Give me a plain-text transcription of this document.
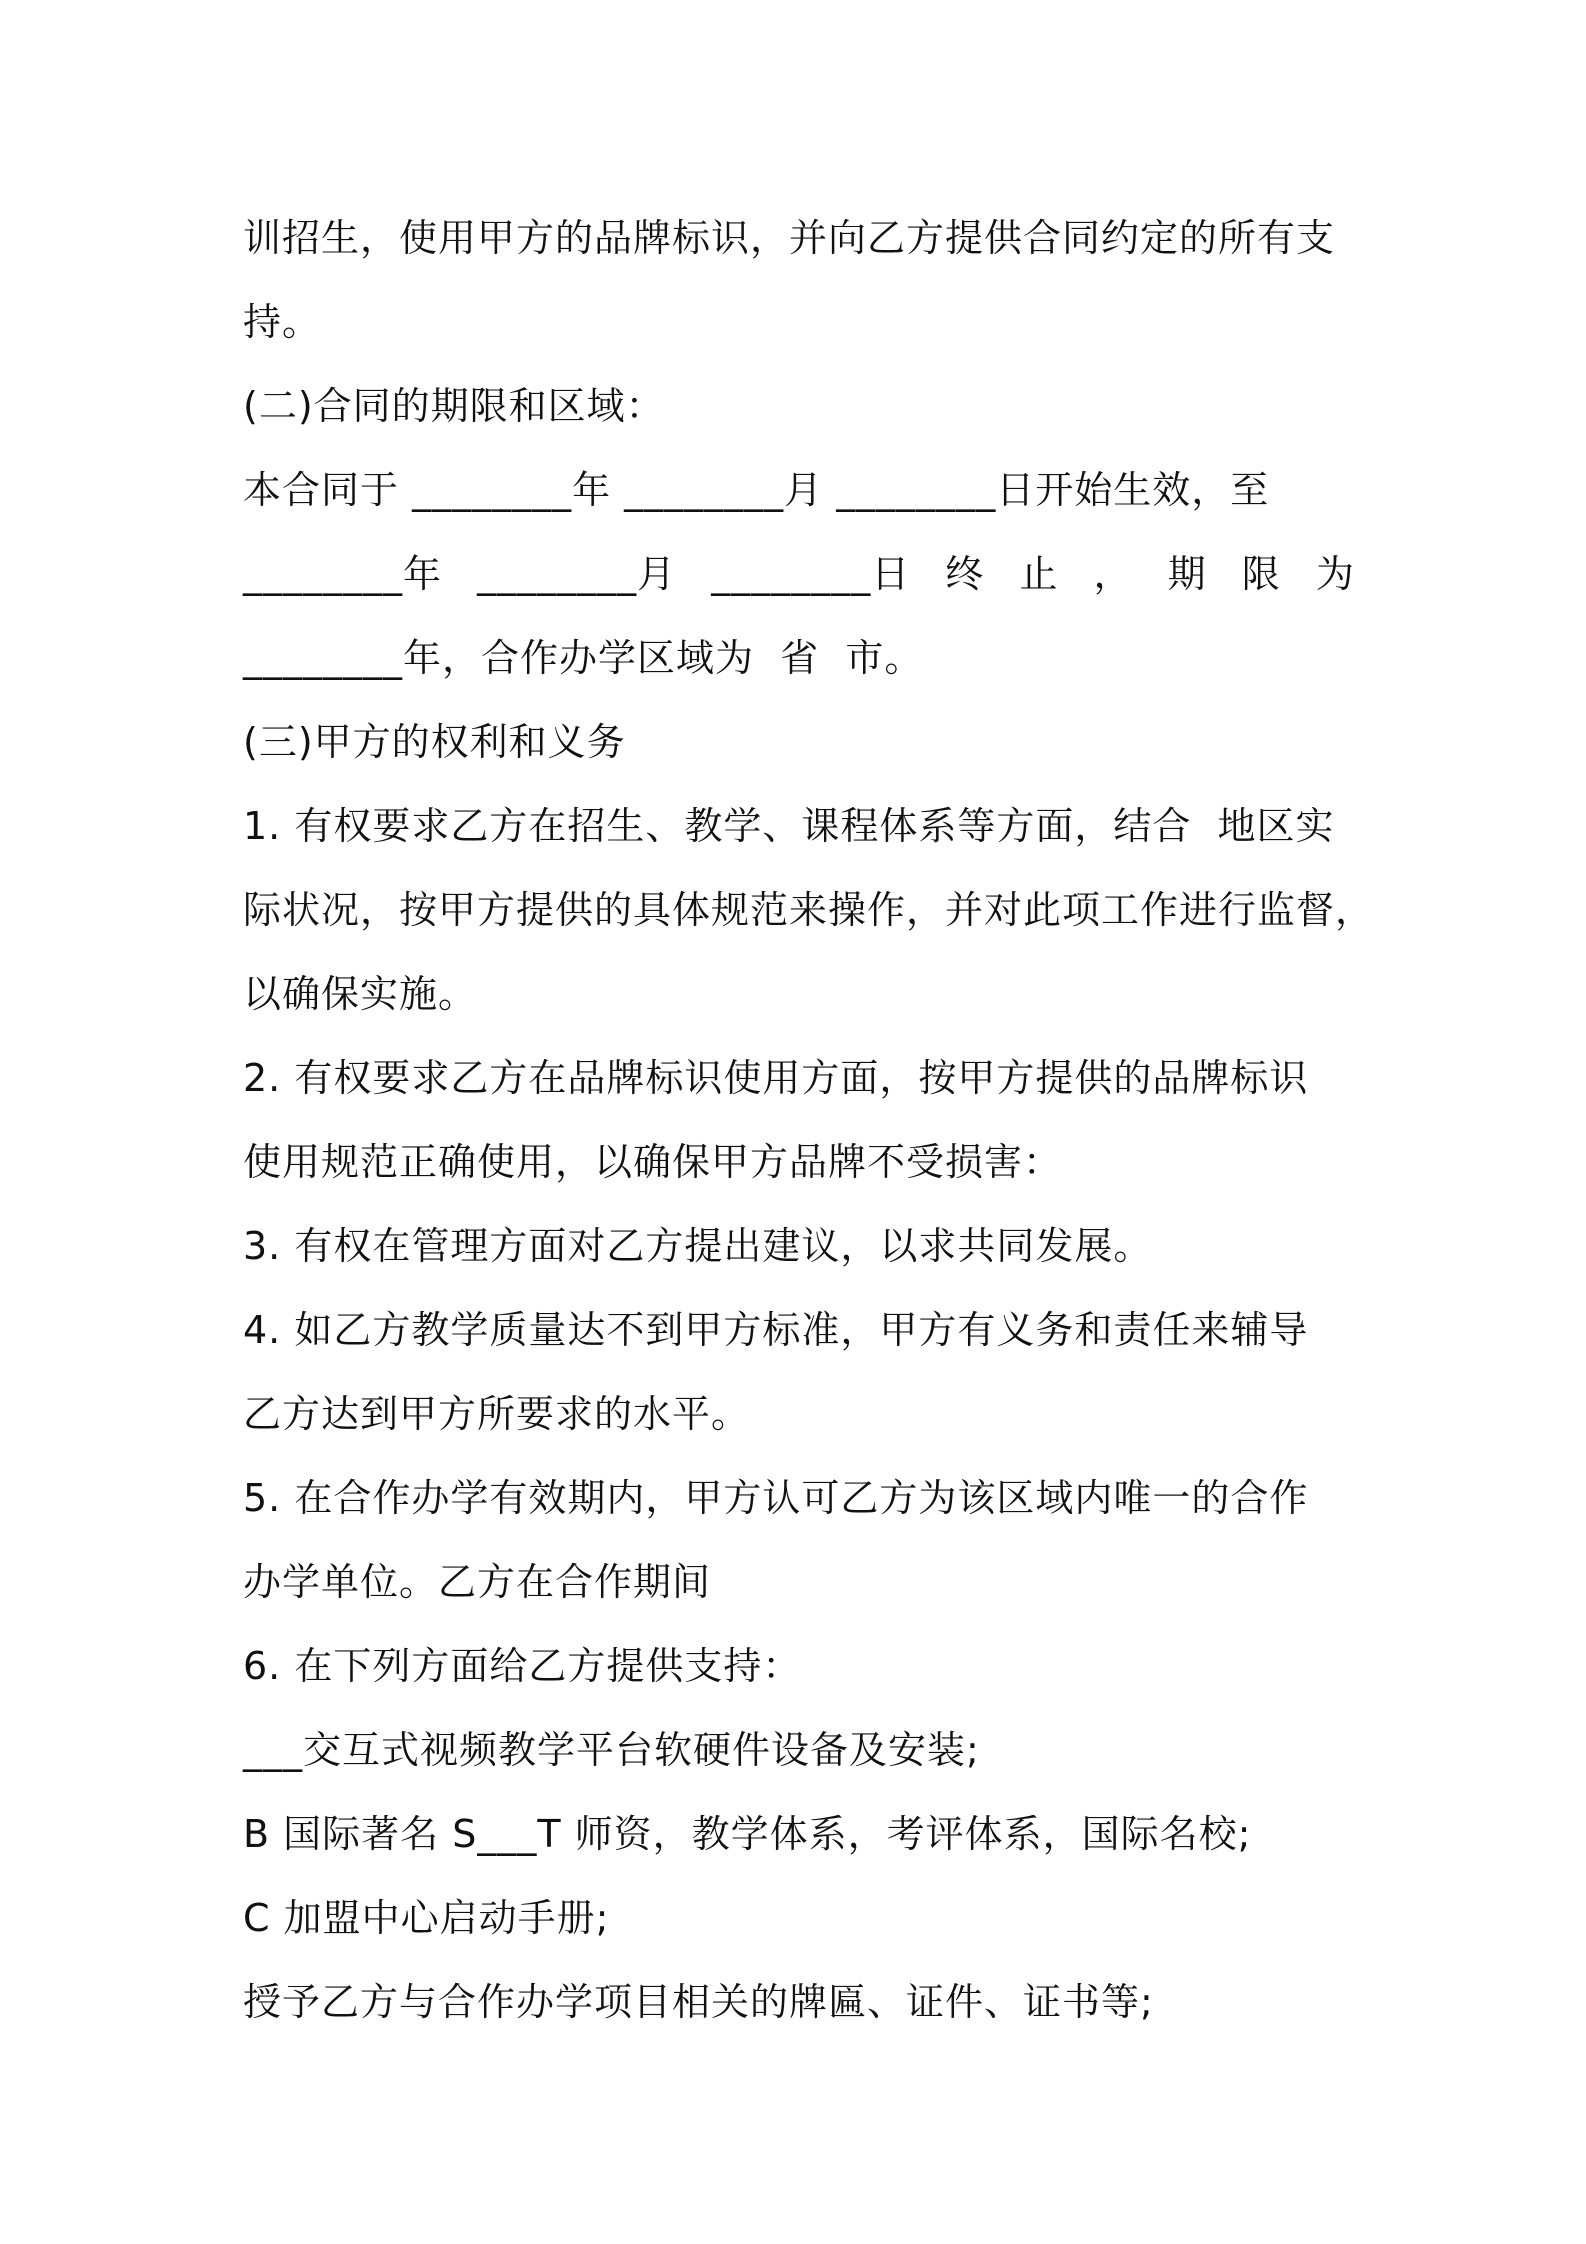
训招生，使用甲方的品牌标识，并向乙方提供合同约定的所有支
持。
(二)合同的期限和区域：
本合同于 ________年 ________月 ________日开始生效，至
________年 ________月 ________日 终 止 ， 期 限 为
________年，合作办学区域为  省  市。
(三)甲方的权利和义务
1. 有权要求乙方在招生、教学、课程体系等方面，结合  地区实
际状况，按甲方提供的具体规范来操作，并对此项工作进行监督，
以确保实施。
2. 有权要求乙方在品牌标识使用方面，按甲方提供的品牌标识
使用规范正确使用，以确保甲方品牌不受损害：
3. 有权在管理方面对乙方提出建议，以求共同发展。
4. 如乙方教学质量达不到甲方标准，甲方有义务和责任来辅导
乙方达到甲方所要求的水平。
5. 在合作办学有效期内，甲方认可乙方为该区域内唯一的合作
办学单位。乙方在合作期间
6. 在下列方面给乙方提供支持：
___交互式视频教学平台软硬件设备及安装;
B 国际著名 S___T 师资，教学体系，考评体系，国际名校;
C 加盟中心启动手册;
授予乙方与合作办学项目相关的牌匾、证件、证书等;
